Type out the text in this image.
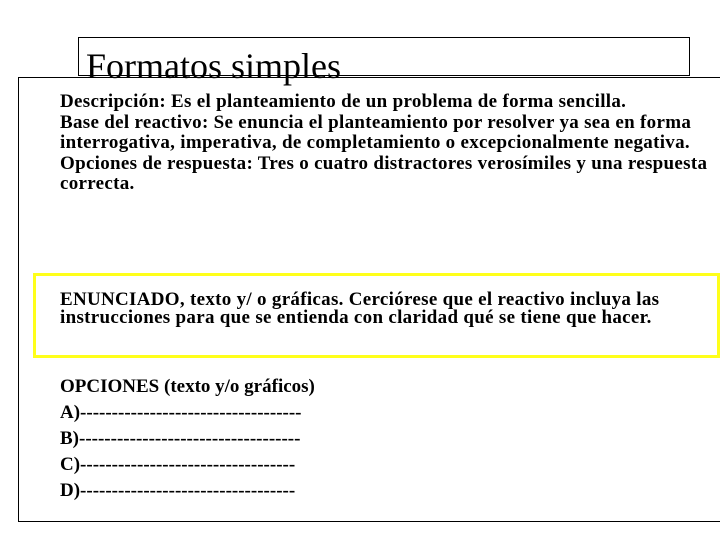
Formatos simples

Descripción: Es el planteamiento de un problema de forma sencilla.

Base del reactivo: Se enuncia el planteamiento por resolver ya sea en forma interrogativa, imperativa, de completamiento o excepcionalmente negativa.

Opciones de respuesta: Tres o cuatro distractores verosímiles y una respuesta correcta.

ENUNCIADO, texto y/ o gráficas. Cerciórese que el reactivo incluya las instrucciones para que se entienda con claridad qué se tiene que hacer.
OPCIONES (texto y/o gráficos)
A)-----------------------------------
B)-----------------------------------
C)----------------------------------
D)----------------------------------
